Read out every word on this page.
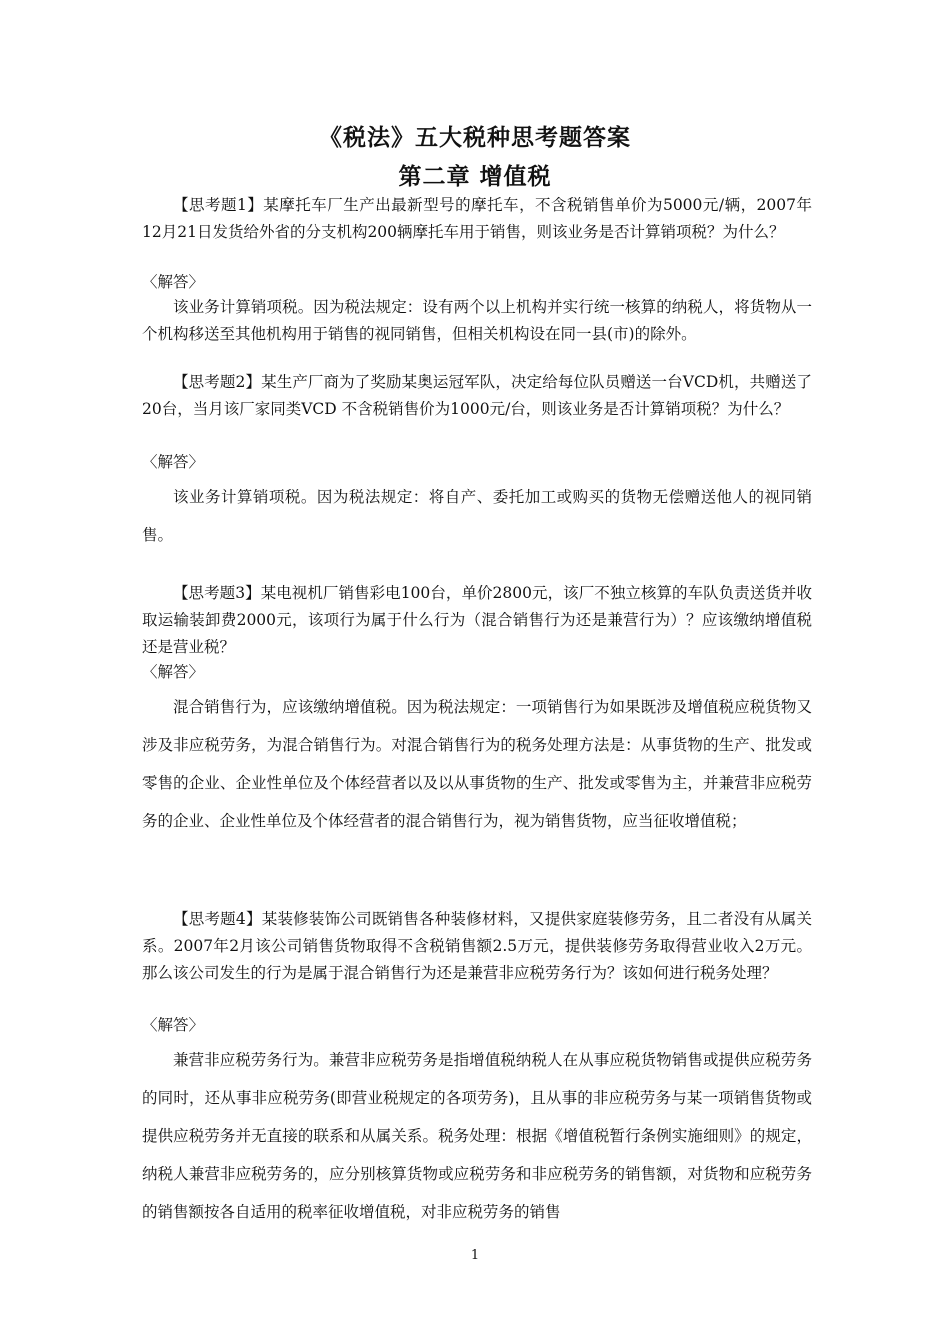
《税法》五大税种思考题答案
第二章 增值税
【思考题1】某摩托车厂生产出最新型号的摩托车，不含税销售单价为5000元/辆，2007年12月21日发货给外省的分支机构200辆摩托车用于销售，则该业务是否计算销项税？为什么？
〈解答〉
该业务计算销项税。因为税法规定：设有两个以上机构并实行统一核算的纳税人，将货物从一个机构移送至其他机构用于销售的视同销售，但相关机构设在同一县(市)的除外。
【思考题2】某生产厂商为了奖励某奥运冠军队，决定给每位队员赠送一台VCD机，共赠送了20台，当月该厂家同类VCD 不含税销售价为1000元/台，则该业务是否计算销项税？为什么？
〈解答〉
该业务计算销项税。因为税法规定：将自产、委托加工或购买的货物无偿赠送他人的视同销售。
【思考题3】某电视机厂销售彩电100台，单价2800元，该厂不独立核算的车队负责送货并收取运输装卸费2000元，该项行为属于什么行为（混合销售行为还是兼营行为）？应该缴纳增值税还是营业税？
〈解答〉
混合销售行为，应该缴纳增值税。因为税法规定：一项销售行为如果既涉及增值税应税货物又涉及非应税劳务，为混合销售行为。对混合销售行为的税务处理方法是：从事货物的生产、批发或零售的企业、企业性单位及个体经营者以及以从事货物的生产、批发或零售为主，并兼营非应税劳务的企业、企业性单位及个体经营者的混合销售行为，视为销售货物，应当征收增值税；
【思考题4】某装修装饰公司既销售各种装修材料，又提供家庭装修劳务，且二者没有从属关系。2007年2月该公司销售货物取得不含税销售额2.5万元，提供装修劳务取得营业收入2万元。那么该公司发生的行为是属于混合销售行为还是兼营非应税劳务行为？该如何进行税务处理？
〈解答〉
兼营非应税劳务行为。兼营非应税劳务是指增值税纳税人在从事应税货物销售或提供应税劳务的同时，还从事非应税劳务(即营业税规定的各项劳务)，且从事的非应税劳务与某一项销售货物或提供应税劳务并无直接的联系和从属关系。税务处理：根据《增值税暂行条例实施细则》的规定，纳税人兼营非应税劳务的，应分别核算货物或应税劳务和非应税劳务的销售额，对货物和应税劳务的销售额按各自适用的税率征收增值税，对非应税劳务的销售
1
